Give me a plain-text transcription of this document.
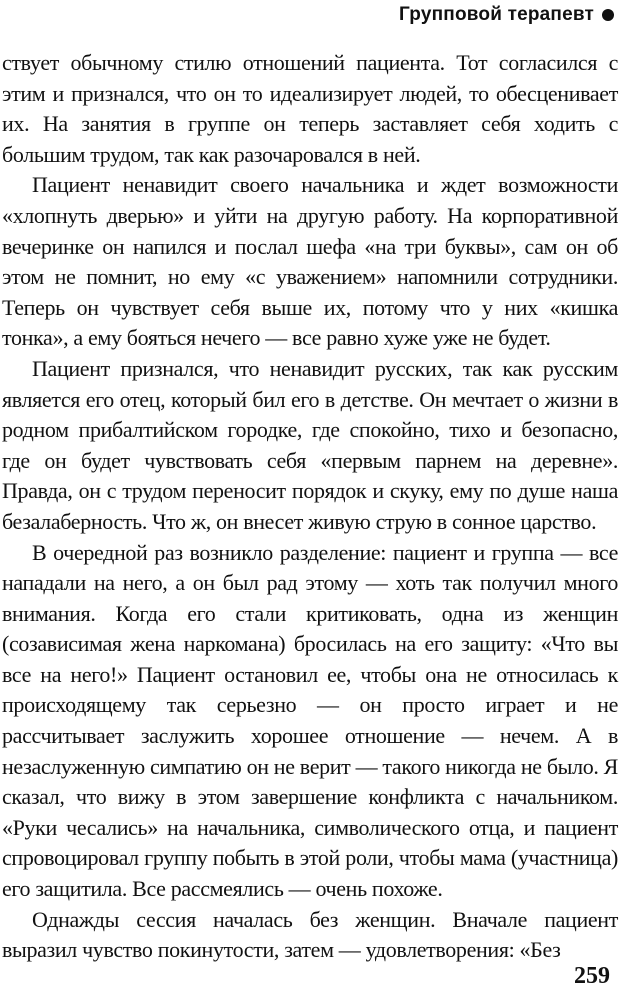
Групповой терапевт

ствует обычному стилю отношений пациента. Тот согласился с этим и признался, что он то идеализирует людей, то обесценивает их. На занятия в группе он теперь заставляет себя ходить с большим трудом, так как разочаровался в ней.

Пациент ненавидит своего начальника и ждет возможности «хлопнуть дверью» и уйти на другую работу. На корпоративной вечеринке он напился и послал шефа «на три буквы», сам он об этом не помнит, но ему «с уважением» напомнили сотрудники. Теперь он чувствует себя выше их, потому что у них «кишка тонка», а ему бояться нечего — все равно хуже уже не будет.

Пациент признался, что ненавидит русских, так как русским является его отец, который бил его в детстве. Он мечтает о жизни в родном прибалтийском городке, где спокойно, тихо и безопасно, где он будет чувствовать себя «первым парнем на деревне». Правда, он с трудом переносит порядок и скуку, ему по душе наша безалаберность. Что ж, он внесет живую струю в сонное царство.

В очередной раз возникло разделение: пациент и группа — все нападали на него, а он был рад этому — хоть так получил много внимания. Когда его стали критиковать, одна из женщин (созависимая жена наркомана) бросилась на его защиту: «Что вы все на него!» Пациент остановил ее, чтобы она не относилась к происходящему так серьезно — он просто играет и не рассчитывает заслужить хорошее отношение — нечем. А в незаслуженную симпатию он не верит — такого никогда не было. Я сказал, что вижу в этом завершение конфликта с начальником. «Руки чесались» на начальника, символического отца, и пациент спровоцировал группу побыть в этой роли, чтобы мама (участница) его защитила. Все рассмеялись — очень похоже.

Однажды сессия началась без женщин. Вначале пациент выразил чувство покинутости, затем — удовлетворения: «Без

259
